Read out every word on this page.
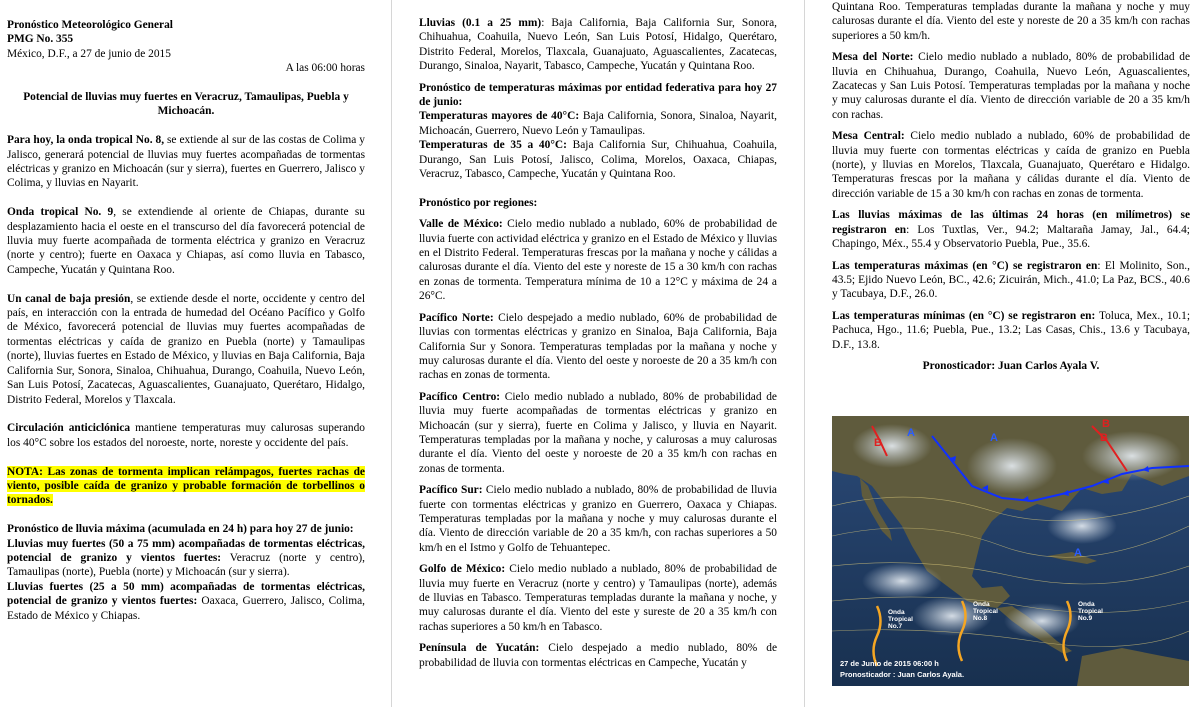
Pronóstico Meteorológico General

PMG No. 355

México, D.F., a 27 de junio de 2015

A las 06:00 horas

Potencial de lluvias muy fuertes en Veracruz, Tamaulipas, Puebla y Michoacán.

Para hoy, la onda tropical No. 8, se extiende al sur de las costas de Colima y Jalisco, generará potencial de lluvias muy fuertes acompañadas de tormentas eléctricas y granizo en Michoacán (sur y sierra), fuertes en Guerrero, Jalisco y Colima, y lluvias en Nayarit.

Onda tropical No. 9, se extendiende al oriente de Chiapas, durante su desplazamiento hacia el oeste en el transcurso del día favorecerá potencial de lluvia muy fuerte acompañada de tormenta eléctrica y granizo en Veracruz (norte y centro); fuerte en Oaxaca y Chiapas, así como lluvia en Tabasco, Campeche, Yucatán y Quintana Roo.

Un canal de baja presión, se extiende desde el norte, occidente y centro del país, en interacción con la entrada de humedad del Océano Pacífico y Golfo de México, favorecerá potencial de lluvias muy fuertes acompañadas de tormentas eléctricas y caída de granizo en Puebla (norte) y Tamaulipas (norte), lluvias fuertes en Estado de México, y lluvias en Baja California, Baja California Sur, Sonora, Sinaloa, Chihuahua, Durango, Coahuila, Nuevo León, San Luis Potosí, Zacatecas, Aguascalientes, Guanajuato, Querétaro, Hidalgo, Distrito Federal, Morelos y Tlaxcala.

Circulación anticiclónica mantiene temperaturas muy calurosas superando los 40°C sobre los estados del noroeste, norte, noreste y occidente del país.

NOTA: Las zonas de tormenta implican relámpagos, fuertes rachas de viento, posible caída de granizo y probable formación de torbellinos o tornados.

Pronóstico de lluvia máxima (acumulada en 24 h) para hoy 27 de junio:

Lluvias muy fuertes (50 a 75 mm) acompañadas de tormentas eléctricas, potencial de granizo y vientos fuertes: Veracruz (norte y centro), Tamaulipas (norte), Puebla (norte) y Michoacán (sur y sierra).

Lluvias fuertes (25 a 50 mm) acompañadas de tormentas eléctricas, potencial de granizo y vientos fuertes: Oaxaca, Guerrero, Jalisco, Colima, Estado de México y Chiapas.

Lluvias (0.1 a 25 mm): Baja California, Baja California Sur, Sonora, Chihuahua, Coahuila, Nuevo León, San Luis Potosí, Hidalgo, Querétaro, Distrito Federal, Morelos, Tlaxcala, Guanajuato, Aguascalientes, Zacatecas, Durango, Sinaloa, Nayarit, Tabasco, Campeche, Yucatán y Quintana Roo.

Pronóstico de temperaturas máximas por entidad federativa para hoy 27 de junio:

Temperaturas mayores de 40°C: Baja California, Sonora, Sinaloa, Nayarit, Michoacán, Guerrero, Nuevo León y Tamaulipas.

Temperaturas de 35 a 40°C: Baja California Sur, Chihuahua, Coahuila, Durango, San Luis Potosí, Jalisco, Colima, Morelos, Oaxaca, Chiapas, Veracruz, Tabasco, Campeche, Yucatán y Quintana Roo.

Pronóstico por regiones:

Valle de México: Cielo medio nublado a nublado, 60% de probabilidad de lluvia fuerte con actividad eléctrica y granizo en el Estado de México y lluvias en el Distrito Federal. Temperaturas frescas por la mañana y noche y cálidas a calurosas durante el día. Viento del este y noreste de 15 a 30 km/h con rachas en zonas de tormenta. Temperatura mínima de 10 a 12°C y máxima de 24 a 26°C.

Pacífico Norte: Cielo despejado a medio nublado, 60% de probabilidad de lluvias con tormentas eléctricas y granizo en Sinaloa, Baja California, Baja California Sur y Sonora. Temperaturas templadas por la mañana y noche y muy calurosas durante el día. Viento del oeste y noroeste de 20 a 35 km/h con rachas en zonas de tormenta.

Pacífico Centro: Cielo medio nublado a nublado, 80% de probabilidad de lluvia muy fuerte acompañadas de tormentas eléctricas y granizo en Michoacán (sur y sierra), fuerte en Colima y Jalisco, y lluvia en Nayarit. Temperaturas templadas por la mañana y noche, y calurosas a muy calurosas durante el día. Viento del oeste y noroeste de 20 a 35 km/h con rachas en zonas de tormenta.

Pacífico Sur: Cielo medio nublado a nublado, 80% de probabilidad de lluvia fuerte con tormentas eléctricas y granizo en Guerrero, Oaxaca y Chiapas. Temperaturas templadas por la mañana y noche y muy calurosas durante el día. Viento de dirección variable de 20 a 35 km/h, con rachas superiores a 50 km/h en el Istmo y Golfo de Tehuantepec.

Golfo de México: Cielo medio nublado a nublado, 80% de probabilidad de lluvia muy fuerte en Veracruz (norte y centro) y Tamaulipas (norte), además de lluvias en Tabasco. Temperaturas templadas durante la mañana y noche, y muy calurosas durante el día. Viento del este y sureste de 20 a 35 km/h con rachas superiores a 50 km/h en Tabasco.

Península de Yucatán: Cielo despejado a medio nublado, 80% de probabilidad de lluvia con tormentas eléctricas en Campeche, Yucatán y

Quintana Roo. Temperaturas templadas durante la mañana y noche y muy calurosas durante el día. Viento del este y noreste de 20 a 35 km/h con rachas superiores a 50 km/h.

Mesa del Norte: Cielo medio nublado a nublado, 80% de probabilidad de lluvia en Chihuahua, Durango, Coahuila, Nuevo León, Aguascalientes, Zacatecas y San Luis Potosí. Temperaturas templadas por la mañana y noche y muy calurosas durante el día. Viento de dirección variable de 20 a 35 km/h con rachas.

Mesa Central: Cielo medio nublado a nublado, 60% de probabilidad de lluvia muy fuerte con tormentas eléctricas y caída de granizo en Puebla (norte), y lluvias en Morelos, Tlaxcala, Guanajuato, Querétaro e Hidalgo. Temperaturas frescas por la mañana y cálidas durante el día. Viento de dirección variable de 15 a 30 km/h con rachas en zonas de tormenta.

Las lluvias máximas de las últimas 24 horas (en milímetros) se registraron en: Los Tuxtlas, Ver., 94.2; Maltaraña Jamay, Jal., 64.4; Chapingo, Méx., 55.4 y Observatorio Puebla, Pue., 35.6.

Las temperaturas máximas (en °C) se registraron en: El Molinito, Son., 43.5; Ejido Nuevo León, BC., 42.6; Zicuirán, Mich., 41.0; La Paz, BCS., 40.6 y Tacubaya, D.F., 26.0.

Las temperaturas mínimas (en °C) se registraron en: Toluca, Mex., 10.1; Pachuca, Hgo., 11.6; Puebla, Pue., 13.2; Las Casas, Chis., 13.6 y Tacubaya, D.F., 13.8.

Pronosticador: Juan Carlos Ayala V.

A	A
A
B	B
B
Onda Tropical No.7
Onda Tropical No.8
Onda Tropical No.9
27 de Junio de 2015 06:00 h
Pronosticador : Juan Carlos Ayala.
